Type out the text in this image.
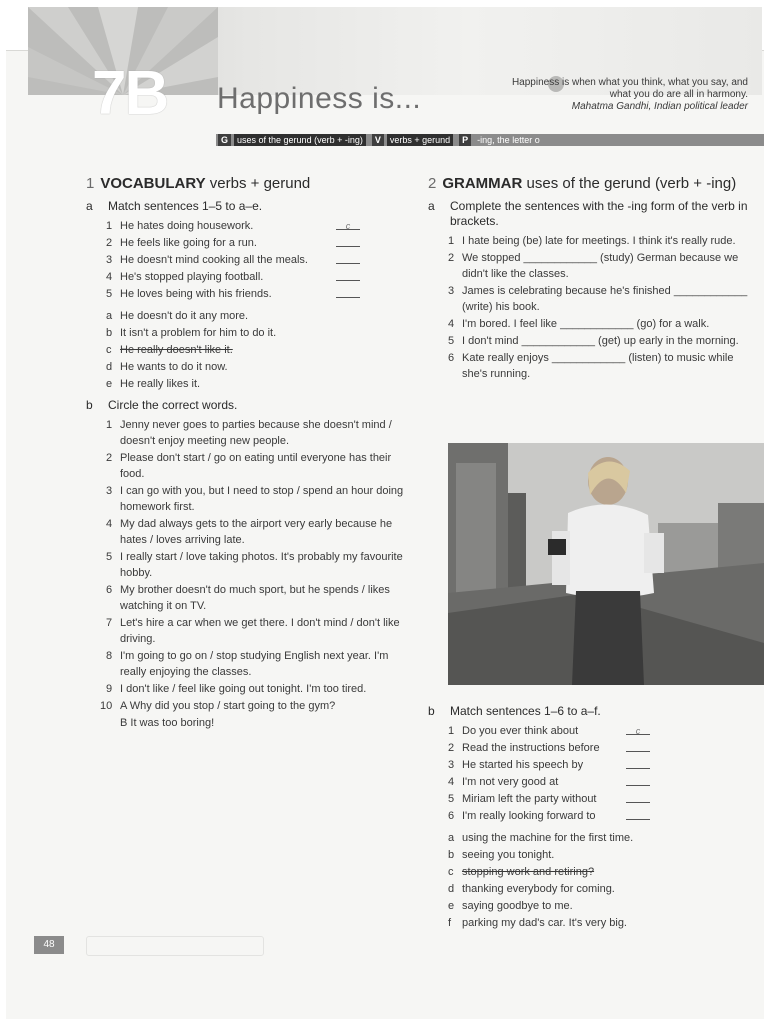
7B Happiness is...	Happiness is when what you think, what you say, and what you do are all in harmony.
Mahatma Gandhi, Indian political leader
G	uses of the gerund (verb + -ing)	V	verbs + gerund	P	-ing, the letter o
1 VOCABULARY verbs + gerund
a Match sentences 1–5 to a–e.
1 He hates doing housework.	c
2 He feels like going for a run.
3 He doesn't mind cooking all the meals.
4 He's stopped playing football.
5 He loves being with his friends.
a He doesn't do it any more.
b It isn't a problem for him to do it.
c He really doesn't like it.
d He wants to do it now.
e He really likes it.
b Circle the correct words.
1 Jenny never goes to parties because she doesn't mind / doesn't enjoy meeting new people.
2 Please don't start / go on eating until everyone has their food.
3 I can go with you, but I need to stop / spend an hour doing homework first.
4 My dad always gets to the airport very early because he hates / loves arriving late.
5 I really start / love taking photos. It's probably my favourite hobby.
6 My brother doesn't do much sport, but he spends / likes watching it on TV.
7 Let's hire a car when we get there. I don't mind / don't like driving.
8 I'm going to go on / stop studying English next year. I'm really enjoying the classes.
9 I don't like / feel like going out tonight. I'm too tired.
10 A Why did you stop / start going to the gym?
B It was too boring!
2 GRAMMAR uses of the gerund (verb + -ing)
a Complete the sentences with the -ing form of the verb in brackets.
1 I hate being (be) late for meetings. I think it's really rude.
2 We stopped ____________ (study) German because we didn't like the classes.
3 James is celebrating because he's finished ____________ (write) his book.
4 I'm bored. I feel like ____________ (go) for a walk.
5 I don't mind ____________ (get) up early in the morning.
6 Kate really enjoys ____________ (listen) to music while she's running.
b Match sentences 1–6 to a–f.
1 Do you ever think about	c
2 Read the instructions before
3 He started his speech by
4 I'm not very good at
5 Miriam left the party without
6 I'm really looking forward to
a using the machine for the first time.
b seeing you tonight.
c stopping work and retiring?
d thanking everybody for coming.
e saying goodbye to me.
f parking my dad's car. It's very big.
48
